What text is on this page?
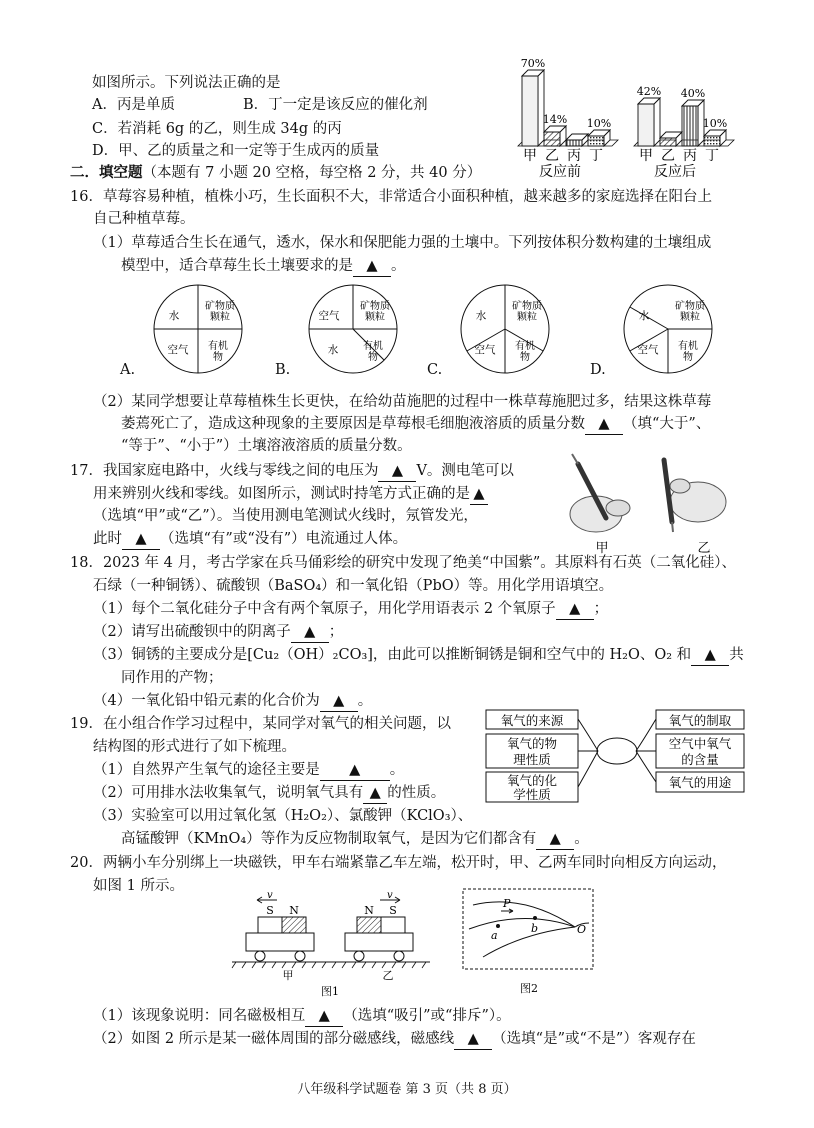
如图所示。下列说法正确的是
A．丙是单质	B．丁一定是该反应的催化剂
C．若消耗 6g 的乙，则生成 34g 的丙
D．甲、乙的质量之和一定等于生成丙的质量
70%
甲
14%
乙 丙
10%
丁
42%
甲 乙
40%
丙
10%
丁
反应前	反应后
二．填空题（本题有 7 小题 20 空格，每空格 2 分，共 40 分）
16．草莓容易种植，植株小巧，生长面积不大，非常适合小面积种植，越来越多的家庭选择在阳台上
自己种植草莓。
（1）草莓适合生长在通气，透水，保水和保肥能力强的土壤中。下列按体积分数构建的土壤组成
模型中，适合草莓生长土壤要求的是 ▲ 。
矿物质
颗粒
有机
物
空气
水
A.
矿物质
颗粒
有机
物
水
空气
B.
矿物质
颗粒
有机
物
空气
水
C.
矿物质
颗粒
有机
物
空气
水
D.
（2）某同学想要让草莓植株生长更快，在给幼苗施肥的过程中一株草莓施肥过多，结果这株草莓
萎蔫死亡了，造成这种现象的主要原因是草莓根毛细胞液溶质的质量分数 ▲ （填“大于”、
“等于”、“小于”）土壤溶液溶质的质量分数。
17．我国家庭电路中，火线与零线之间的电压为 ▲ V。测电笔可以
用来辨别火线和零线。如图所示，测试时持笔方式正确的是 ▲
（选填“甲”或“乙”）。当使用测电笔测试火线时，氖管发光，
此时 ▲ （选填“有”或“没有”）电流通过人体。
甲	乙
18．2023 年 4 月，考古学家在兵马俑彩绘的研究中发现了绝美“中国紫”。其原料有石英（二氧化硅）、
石绿（一种铜锈）、硫酸钡（BaSO₄）和一氧化铅（PbO）等。用化学用语填空。
（1）每个二氧化硅分子中含有两个氧原子，用化学用语表示 2 个氧原子 ▲ ；
（2）请写出硫酸钡中的阴离子 ▲ ；
（3）铜锈的主要成分是[Cu₂（OH）₂CO₃]，由此可以推断铜锈是铜和空气中的 H₂O、O₂ 和 ▲ 共
同作用的产物；
（4）一氧化铅中铅元素的化合价为 ▲ 。
19．在小组合作学习过程中，某同学对氧气的相关问题，以
结构图的形式进行了如下梳理。
（1）自然界产生氧气的途径主要是 ▲ 。
（2）可用排水法收集氧气，说明氧气具有 ▲ 的性质。
（3）实验室可以用过氧化氢（H₂O₂）、氯酸钾（KClO₃）、
高锰酸钾（KMnO₄）等作为反应物制取氧气，是因为它们都含有 ▲ 。
氧气的来源
氧气的物
理性质
氧气的化
学性质
氧气的制取
空气中氧气
的含量
氧气的用途
20．两辆小车分别绑上一块磁铁，甲车右端紧靠乙车左端，松开时，甲、乙两车同时向相反方向运动，
如图 1 所示。
v	v
S N	N S
甲	乙
图1
P
a
b	O
图2
（1）该现象说明：同名磁极相互 ▲ （选填“吸引”或“排斥”）。
（2）如图 2 所示是某一磁体周围的部分磁感线，磁感线 ▲ （选填“是”或“不是”）客观存在
八年级科学试题卷 第 3 页（共 8 页）
